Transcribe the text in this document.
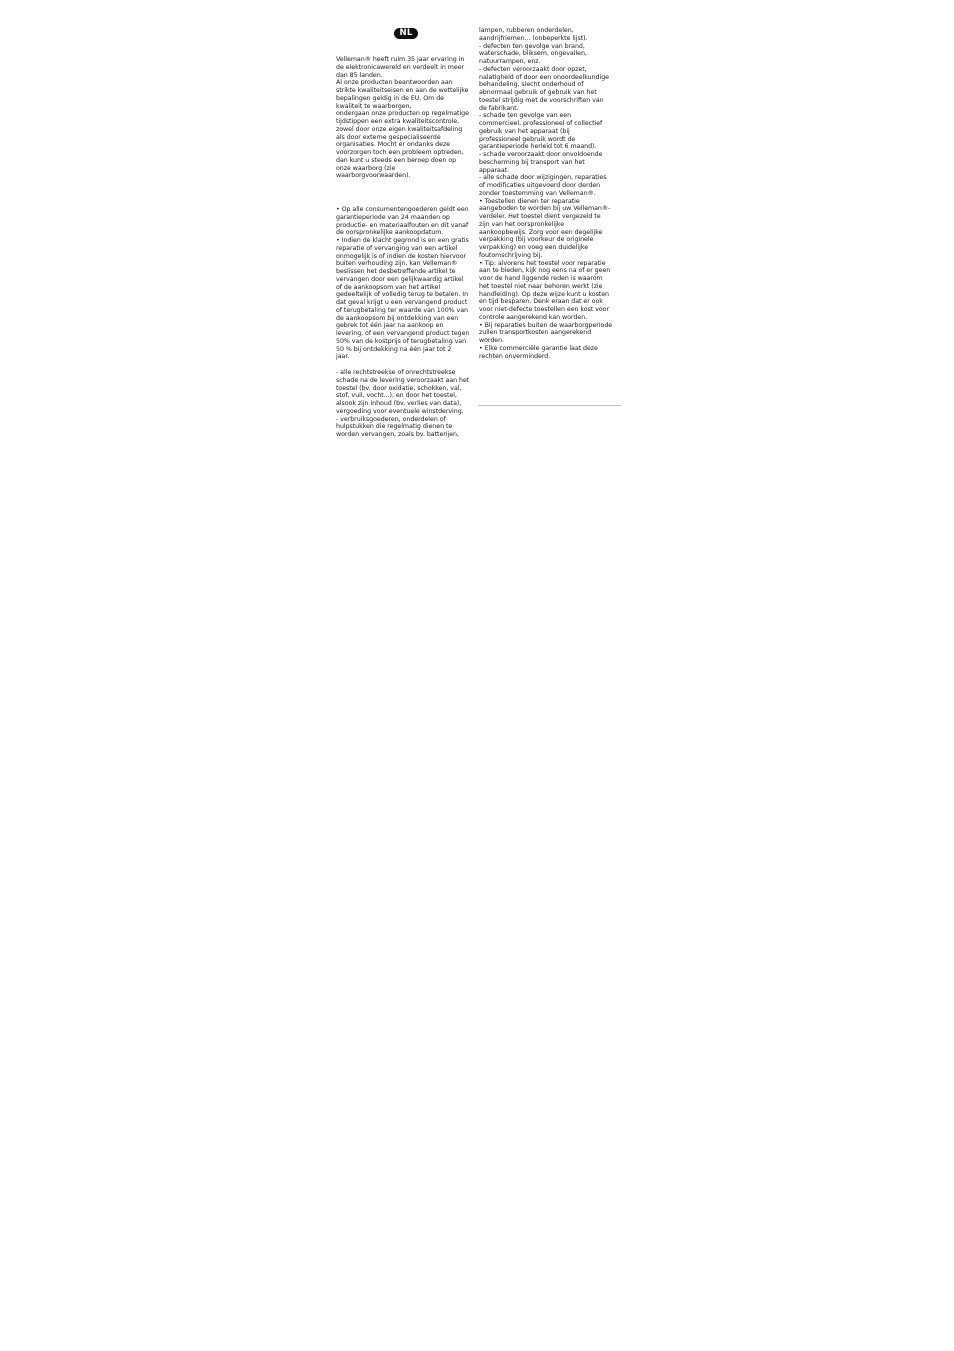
NL

Velleman® heeft ruim 35 jaar ervaring in
de elektronicawereld en verdeelt in meer
dan 85 landen.
Al onze producten beantwoorden aan
strikte kwaliteitseisen en aan de wettelijke
bepalingen geldig in de EU. Om de
kwaliteit te waarborgen,
ondergaan onze producten op regelmatige
tijdstippen een extra kwaliteitscontrole,
zowel door onze eigen kwaliteitsafdeling
als door externe gespecialiseerde
organisaties. Mocht er ondanks deze
voorzorgen toch een probleem optreden,
dan kunt u steeds een beroep doen op
onze waarborg (zie
waarborgvoorwaarden).

• Op alle consumentengoederen geldt een
garantieperiode van 24 maanden op
productie- en materiaalfouten en dit vanaf
de oorspronkelijke aankoopdatum.
• Indien de klacht gegrond is en een gratis
reparatie of vervanging van een artikel
onmogelijk is of indien de kosten hiervoor
buiten verhouding zijn, kan Velleman®
beslissen het desbetreffende artikel te
vervangen door een gelijkwaardig artikel
of de aankoopsom van het artikel
gedeeltelijk of volledig terug te betalen. In
dat geval krijgt u een vervangend product
of terugbetaling ter waarde van 100% van
de aankoopsom bij ontdekking van een
gebrek tot één jaar na aankoop en
levering, of een vervangend product tegen
50% van de kostprijs of terugbetaling van
50 % bij ontdekking na één jaar tot 2
jaar.

- alle rechtstreekse of onrechtstreekse
schade na de levering veroorzaakt aan het
toestel (bv. door oxidatie, schokken, val,
stof, vuil, vocht...), en door het toestel,
alsook zijn inhoud (bv. verlies van data),
vergoeding voor eventuele winstderving.
- verbruiksgoederen, onderdelen of
hulpstukken die regelmatig dienen te
worden vervangen, zoals bv. batterijen,

lampen, rubberen onderdelen,
aandrijfriemen... (onbeperkte lijst).
- defecten ten gevolge van brand,
waterschade, bliksem, ongevallen,
natuurrampen, enz.
- defecten veroorzaakt door opzet,
nalatigheid of door een onoordeelkundige
behandeling, slecht onderhoud of
abnormaal gebruik of gebruik van het
toestel strijdig met de voorschriften van
de fabrikant.
- schade ten gevolge van een
commercieel, professioneel of collectief
gebruik van het apparaat (bij
professioneel gebruik wordt de
garantieperiode herleid tot 6 maand).
- schade veroorzaakt door onvoldoende
bescherming bij transport van het
apparaat.
- alle schade door wijzigingen, reparaties
of modificaties uitgevoerd door derden
zonder toestemming van Velleman®.
• Toestellen dienen ter reparatie
aangeboden te worden bij uw Velleman®-
verdeler. Het toestel dient vergezeld te
zijn van het oorspronkelijke
aankoopbewijs. Zorg voor een degelijke
verpakking (bij voorkeur de originele
verpakking) en voeg een duidelijke
foutomschrijving bij.
• Tip: alvorens het toestel voor reparatie
aan te bieden, kijk nog eens na of er geen
voor de hand liggende reden is waarom
het toestel niet naar behoren werkt (zie
handleiding). Op deze wijze kunt u kosten
en tijd besparen. Denk eraan dat er ook
voor niet-defecte toestellen een kost voor
controle aangerekend kan worden.
• Bij reparaties buiten de waarborgperiode
zullen transportkosten aangerekend
worden.
• Elke commerciële garantie laat deze
rechten onverminderd.
